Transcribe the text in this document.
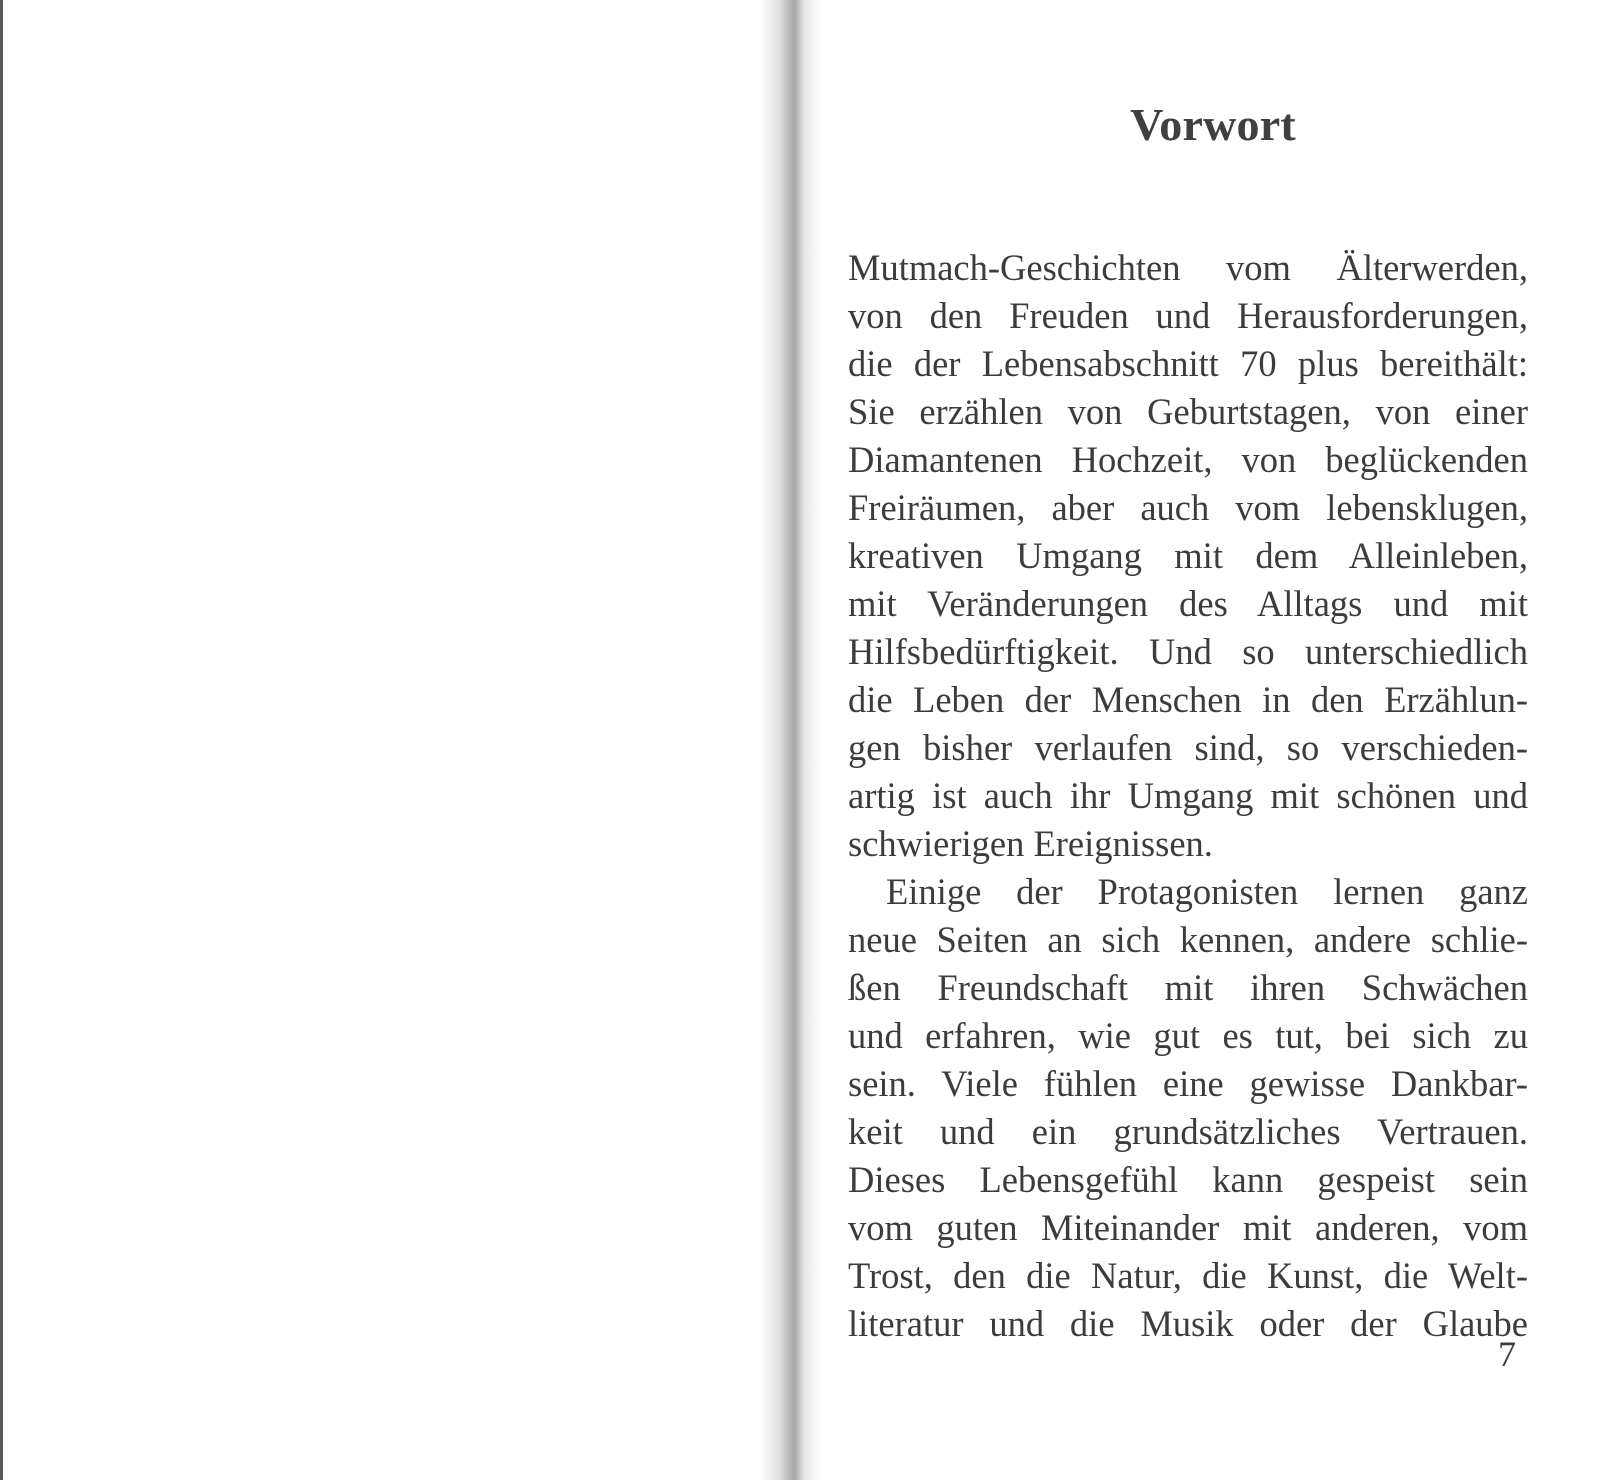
Vorwort
Mutmach-Geschichten vom Älterwerden,
von den Freuden und Herausforderungen,
die der Lebensabschnitt 70 plus bereithält:
Sie erzählen von Geburtstagen, von einer
Diamantenen Hochzeit, von beglückenden
Freiräumen, aber auch vom lebensklugen,
kreativen Umgang mit dem Alleinleben,
mit Veränderungen des Alltags und mit
Hilfsbedürftigkeit. Und so unterschiedlich
die Leben der Menschen in den Erzählun-
gen bisher verlaufen sind, so verschieden-
artig ist auch ihr Umgang mit schönen und
schwierigen Ereignissen.
Einige der Protagonisten lernen ganz
neue Seiten an sich kennen, andere schlie-
ßen Freundschaft mit ihren Schwächen
und erfahren, wie gut es tut, bei sich zu
sein. Viele fühlen eine gewisse Dankbar-
keit und ein grundsätzliches Vertrauen.
Dieses Lebensgefühl kann gespeist sein
vom guten Miteinander mit anderen, vom
Trost, den die Natur, die Kunst, die Welt-
literatur und die Musik oder der Glaube
7
